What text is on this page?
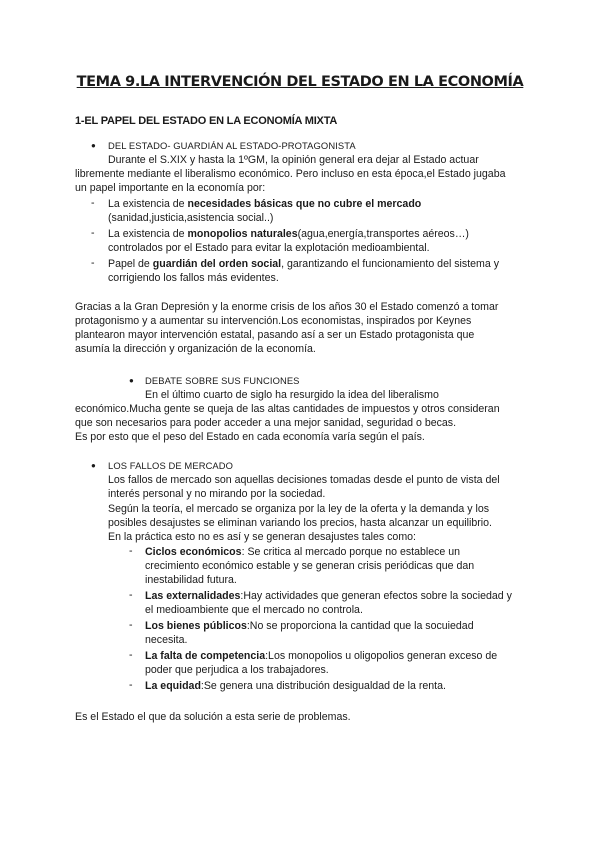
TEMA 9.LA INTERVENCIÓN DEL ESTADO EN LA ECONOMÍA
1-EL PAPEL DEL ESTADO EN LA ECONOMÍA MIXTA
● DEL ESTADO- GUARDIÁN AL ESTADO-PROTAGONISTA
Durante el S.XIX y hasta la 1ºGM, la opinión general era dejar al Estado actuar
libremente mediante el liberalismo económico. Pero incluso en esta época,el Estado jugaba
un papel importante en la economía por:
- La existencia de necesidades básicas que no cubre el mercado
(sanidad,justicia,asistencia social..)
- La existencia de monopolios naturales(agua,energía,transportes aéreos…)
controlados por el Estado para evitar la explotación medioambiental.
- Papel de guardián del orden social, garantizando el funcionamiento del sistema y
corrigiendo los fallos más evidentes.
Gracias a la Gran Depresión y la enorme crisis de los años 30 el Estado comenzó a tomar
protagonismo y a aumentar su intervención.Los economistas, inspirados por Keynes
plantearon mayor intervención estatal, pasando así a ser un Estado protagonista que
asumía la dirección y organización de la economía.
● DEBATE SOBRE SUS FUNCIONES
En el último cuarto de siglo ha resurgido la idea del liberalismo
económico.Mucha gente se queja de las altas cantidades de impuestos y otros consideran
que son necesarios para poder acceder a una mejor sanidad, seguridad o becas.
Es por esto que el peso del Estado en cada economía varía según el país.
● LOS FALLOS DE MERCADO
Los fallos de mercado son aquellas decisiones tomadas desde el punto de vista del
interés personal y no mirando por la sociedad.
Según la teoría, el mercado se organiza por la ley de la oferta y la demanda y los
posibles desajustes se eliminan variando los precios, hasta alcanzar un equilibrio.
En la práctica esto no es así y se generan desajustes tales como:
- Ciclos económicos: Se critica al mercado porque no establece un
crecimiento económico estable y se generan crisis periódicas que dan
inestabilidad futura.
- Las externalidades:Hay actividades que generan efectos sobre la sociedad y
el medioambiente que el mercado no controla.
- Los bienes públicos:No se proporciona la cantidad que la socuiedad
necesita.
- La falta de competencia:Los monopolios u oligopolios generan exceso de
poder que perjudica a los trabajadores.
- La equidad:Se genera una distribución desigualdad de la renta.
Es el Estado el que da solución a esta serie de problemas.
